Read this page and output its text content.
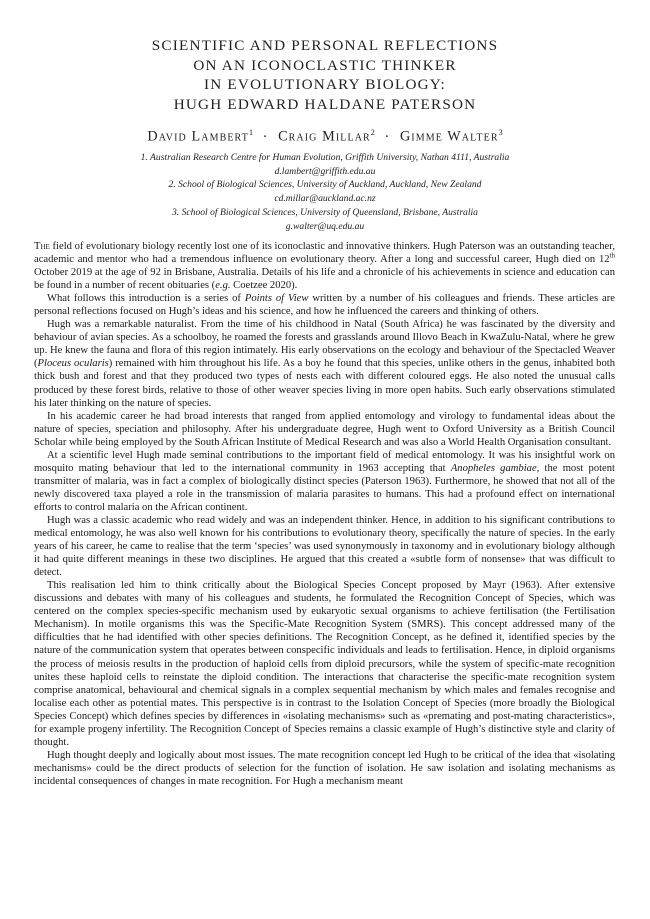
SCIENTIFIC AND PERSONAL REFLECTIONS
ON AN ICONOCLASTIC THINKER
IN EVOLUTIONARY BIOLOGY:
HUGH EDWARD HALDANE PATERSON
David Lambert$^1$ · Craig Millar$^2$ · Gimme Walter$^3$
1. Australian Research Centre for Human Evolution, Griffith University, Nathan 4111, Australia
d.lambert@griffith.edu.au
2. School of Biological Sciences, University of Auckland, Auckland, New Zealand
cd.millar@auckland.ac.nz
3. School of Biological Sciences, University of Queensland, Brisbane, Australia
g.walter@uq.edu.au

The field of evolutionary biology recently lost one of its iconoclastic and innovative thinkers. Hugh Paterson was an outstanding teacher, academic and mentor who had a tremendous influence on evolutionary theory. After a long and successful career, Hugh died on 12th October 2019 at the age of 92 in Brisbane, Australia. Details of his life and a chronicle of his achievements in science and education can be found in a number of recent obituaries (e.g. Coetzee 2020).

What follows this introduction is a series of Points of View written by a number of his colleagues and friends. These articles are personal reflections focused on Hugh’s ideas and his science, and how he influenced the careers and thinking of others.

Hugh was a remarkable naturalist. From the time of his childhood in Natal (South Africa) he was fascinated by the diversity and behaviour of avian species. As a schoolboy, he roamed the forests and grasslands around Illovo Beach in KwaZulu-Natal, where he grew up. He knew the fauna and flora of this region intimately. His early observations on the ecology and behaviour of the Spectacled Weaver (Ploceus ocularis) remained with him throughout his life. As a boy he found that this species, unlike others in the genus, inhabited both thick bush and forest and that they produced two types of nests each with different coloured eggs. He also noted the unusual calls produced by these forest birds, relative to those of other weaver species living in more open habits. Such early observations stimulated his later thinking on the nature of species.

In his academic career he had broad interests that ranged from applied entomology and virology to fundamental ideas about the nature of species, speciation and philosophy. After his undergraduate degree, Hugh went to Oxford University as a British Council Scholar while being employed by the South African Institute of Medical Research and was also a World Health Organisation consultant.

At a scientific level Hugh made seminal contributions to the important field of medical entomology. It was his insightful work on mosquito mating behaviour that led to the international community in 1963 accepting that Anopheles gambiae, the most potent transmitter of malaria, was in fact a complex of biologically distinct species (Paterson 1963). Furthermore, he showed that not all of the newly discovered taxa played a role in the transmission of malaria parasites to humans. This had a profound effect on international efforts to control malaria on the African continent.

Hugh was a classic academic who read widely and was an independent thinker. Hence, in addition to his significant contributions to medical entomology, he was also well known for his contributions to evolutionary theory, specifically the nature of species. In the early years of his career, he came to realise that the term ‘species’ was used synonymously in taxonomy and in evolutionary biology although it had quite different meanings in these two disciplines. He argued that this created a «subtle form of nonsense» that was difficult to detect.

This realisation led him to think critically about the Biological Species Concept proposed by Mayr (1963). After extensive discussions and debates with many of his colleagues and students, he formulated the Recognition Concept of Species, which was centered on the complex species-specific mechanism used by eukaryotic sexual organisms to achieve fertilisation (the Fertilisation Mechanism). In motile organisms this was the Specific-Mate Recognition System (SMRS). This concept addressed many of the difficulties that he had identified with other species definitions. The Recognition Concept, as he defined it, identified species by the nature of the communication system that operates between conspecific individuals and leads to fertilisation. Hence, in diploid organisms the process of meiosis results in the production of haploid cells from diploid precursors, while the system of specific-mate recognition unites these haploid cells to reinstate the diploid condition. The interactions that characterise the specific-mate recognition system comprise anatomical, behavioural and chemical signals in a complex sequential mechanism by which males and females recognise and localise each other as potential mates. This perspective is in contrast to the Isolation Concept of Species (more broadly the Biological Species Concept) which defines species by differences in «isolating mechanisms» such as «premating and post-mating characteristics», for example progeny infertility. The Recognition Concept of Species remains a classic example of Hugh’s distinctive style and clarity of thought.

Hugh thought deeply and logically about most issues. The mate recognition concept led Hugh to be critical of the idea that «isolating mechanisms» could be the direct products of selection for the function of isolation. He saw isolation and isolating mechanisms as incidental consequences of changes in mate recognition. For Hugh a mechanism meant
